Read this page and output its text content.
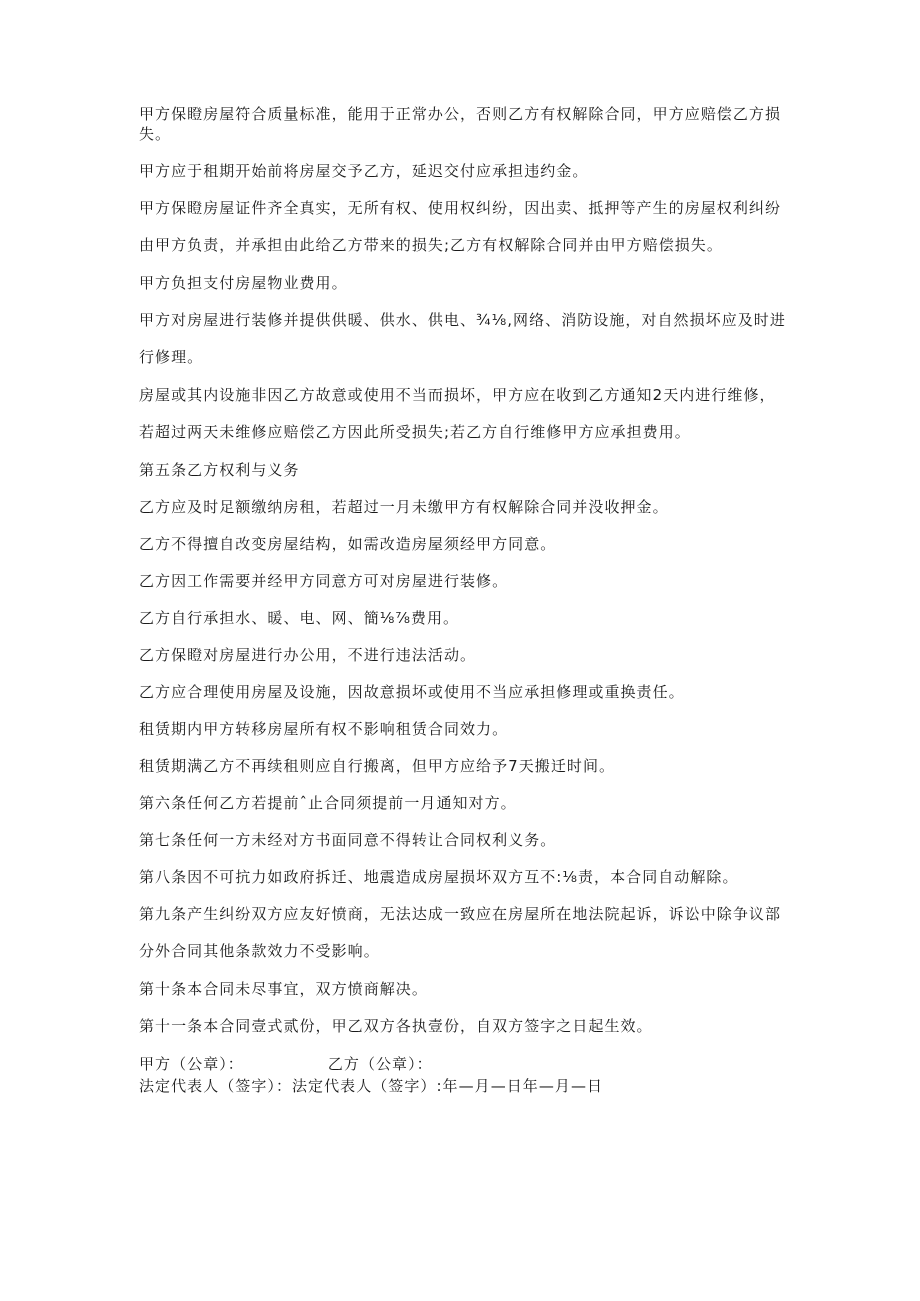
甲方保瞪房屋符合质量标准，能用于正常办公，否则乙方有权解除合同，甲方应赔偿乙方损失。

甲方应于租期开始前将房屋交予乙方，延迟交付应承担违约金。

甲方保瞪房屋证件齐全真实，无所有权、使用权纠纷，因出卖、抵押等产生的房屋权利纠纷由甲方负责，并承担由此给乙方带来的损失;乙方有权解除合同并由甲方赔偿损失。

甲方负担支付房屋物业费用。

甲方对房屋进行装修并提供供暖、供水、供电、¾⅛,网络、消防设施，对自然损坏应及时进行修理。

房屋或其内设施非因乙方故意或使用不当而损坏，甲方应在收到乙方通知2天内进行维修，若超过两天未维修应赔偿乙方因此所受损失;若乙方自行维修甲方应承担费用。

第五条乙方权利与义务

乙方应及时足额缴纳房租，若超过一月未缴甲方有权解除合同并没收押金。

乙方不得擅自改变房屋结构，如需改造房屋须经甲方同意。

乙方因工作需要并经甲方同意方可对房屋进行装修。

乙方自行承担水、暖、电、网、簡⅛⅞费用。

乙方保瞪对房屋进行办公用，不进行违法活动。

乙方应合理使用房屋及设施，因故意损坏或使用不当应承担修理或重换责任。

租赁期内甲方转移房屋所有权不影响租赁合同效力。

租赁期满乙方不再续租则应自行搬离，但甲方应给予7天搬迁时间。

第六条任何乙方若提前ˆ止合同须提前一月通知对方。

第七条任何一方未经对方书面同意不得转让合同权利义务。

第八条因不可抗力如政府拆迁、地震造成房屋损坏双方互不:⅛责，本合同自动解除。

第九条产生纠纷双方应友好愤商，无法达成一致应在房屋所在地法院起诉，诉讼中除争议部分外合同其他条款效力不受影响。

第十条本合同未尽事宜，双方愤商解决。

第十一条本合同壹式贰份，甲乙双方各执壹份，自双方签字之日起生效。

甲方（公章）：	乙方（公章）：

法定代表人（签字）：法定代表人（签字）:年—月—日年—月—日
